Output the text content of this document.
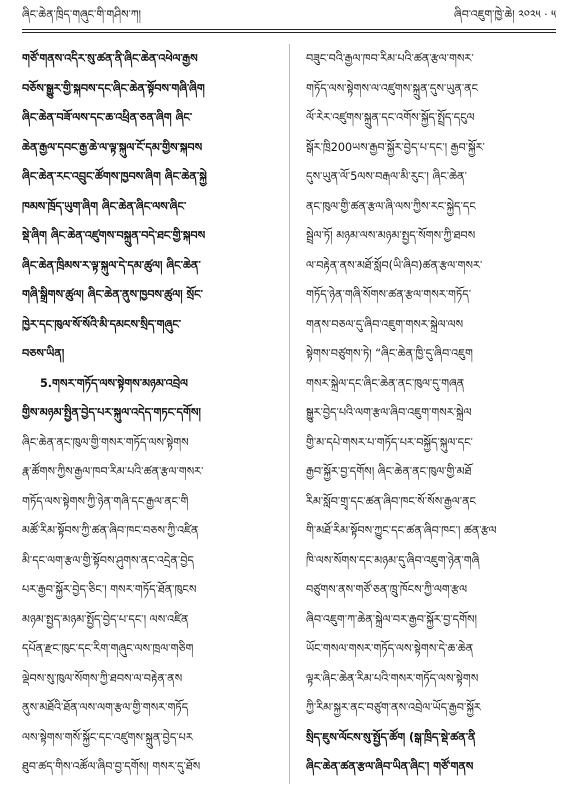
ཞིང་ཆེན་ཁྲིད་གཞུང་གི་གཤིས་ཀ།	ཞིབ་འཇུག་ཁྱེ་ཆེ། ༢༠༢༥ · ༥
གཙོ་གནས་འདིར་སུ་ཚན་ནི་ཞིང་ཆེན་འཕེལ་རྒྱས
བཅོས་སྒྱུར་གྱི་སྐབས་དང་ཞིང་ཆེན་སྟོབས་གཞི་ཞིག
ཞིང་ཆེན་བཟོ་ལས་དང་ཆ་འཕྲིན་ཅན་ཞིག ཞིང་
ཆེན་རྒྱལ་དབང་རྒྱ་ཆེ་ལ་ལྟ་སྐུལ་ངོ་དམ་གྱིས་སྐབས
ཞིང་ཆེན་རང་འབྲུང་ཚོགས་ཁྱབས་ཞིག ཞིང་ཆེན་སྐྱེ
ཁམས་ཁྲོད་ཡུག་ཞིག ཞིང་ཆེན་ཞིང་ལས་ཞིང་
སྡེ་ཞིག ཞིང་ཆེན་འཛུགས་བསྐྲུན་བདེ་ཐང་གྱི་སྐབས
ཞིང་ཆེན་ཁྲིམས་ར་ལྟ་སྐུལ་དེ་དམ་ཚུལ། ཞིང་ཆེན་
གཞི་སྒྲིགས་ཚུལ། ཞིང་ཆེན་ནུས་ཁྱབས་ཚུལ། སྲོང་
ཁྱེར་དང་ཁུལ་སོ་སོའི་མི་དམངས་སྲིད་གཞུང་
བཅས་ཡིན།
5.གསར་གཏོད་ལས་སྟེགས་མཉམ་འབྲེལ
གྱིས་མཉམ་སྤྱིན་བྱེད་པར་སྐུལ་འདེད་གཏང་དགོས།
ཞིང་ཆེན་ནང་ཁུལ་གྱི་གསར་གཏོད་ལས་སྟེགས
རྣ་ཚོགས་ཀྱིས་རྒྱལ་ཁབ་རིམ་པའི་ཚན་རྩལ་གསར་
གཏོད་ལས་སྟེགས་ཀྱི་ཉེན་གཞི་དང་རྒྱལ་ནང་གི
མཚོ་རིམ་སྟོབས་ཀྱི་ཚན་ཞིབ་ཁང་བཅས་ཀྱི་འཛིན
མི་དང་ལག་རྩལ་གྱི་སྟོབས་ཤུགས་ནང་འདྲེན་བྱེད
པར་རྒྱབ་སྐྱོར་བྱེད་ཅིང་། གསར་གཏོད་ཐོན་ཁུངས
མཉམ་སྤྱད་མཉམ་སྤྱོད་བྱེད་པ་དང་། ལས་འཛིན
དཔོན་རྫང་ཁུང་དང་རིག་གཞུང་ལས་ཁྲལ་གཅིག
ལྡེབས་སུ་ཁུལ་སོགས་ཀྱི་ཐབས་ལ་བརྟེན་ནས
ནུས་མཐོའི་ཐོན་ལས་ལག་རྩལ་གྱི་གསར་གཏོད
ལས་སྟེགས་གསོ་སྐྱོང་དང་འཛུགས་སྐྲུན་བྱེད་པར
ཐུབ་ཚད་གིས་འཚོལ་ཞིབ་བྱ་དགོས། གསར་དུ་ཐོས
བཟུང་བའི་རྒྱལ་ཁབ་རིམ་པའི་ཚན་རྩལ་གསར་
གཏོད་ལས་སྟེགས་ལ་འཛུགས་སྐྲུན་དུས་ཡུན་ནང
ལོ་རེར་འཛུགས་སྐྲུན་དང་འགོས་སྐྱོད་སྤྲོད་དངུལ
སྒོར་ཁྲི200ཡས་རྒྱབ་སྐྱོར་བྱེད་པ་དང་། རྒྱབ་སྐྱོར་
དུས་ཡུན་ལོ་5ལས་བརྒལ་མི་རུང་། ཞིང་ཆེན་
ནང་ཁུལ་གྱི་ཚན་རྩལ་ཞི་ལས་ཀྱིས་རང་སྐྱེད་དང
སྦྲེལ་ཏོ། མཉམ་ལས་མཉམ་སྤྱད་སོགས་ཀྱི་ཐབས
ལ་བརྟེན་ནས་མཐོ་སློབ(ཡི་ཞིབ)ཚན་རྩལ་གསར་
གཏོད་ཉེན་གཞི་སོགས་ཚན་རྩལ་གསར་གཏོད་
གནས་བཅལ་དུ་ཞིབ་འཇུག་གསར་སྐྲེལ་ལས
སྟེགས་བཙུགས་ཏེ། “ཞིང་ཆེན་ཁྱི་དུ་ཞིབ་འཇུག
གསར་སྐྲེལ་དང་ཞིང་ཆེན་ནང་ཁུལ་དུ་གཞན
སྒྱུར་བྱེད་པའི་ལག་རྩལ་ཞིབ་འཇུག་གསར་སྐྲེལ
གྱི་མ་དཔེ་གསར་པ་གཏོད་པར་བསྐྱོད་སྐུལ་དང་
རྒྱབ་སྐྱོར་བྱ་དགོས། ཞིང་ཆེན་ནང་ཁུལ་གྱི་མཐོ
རིམ་སློབ་གྲྭ་དང་ཚན་ཞིབ་ཁང་སོ་སོས་རྒྱལ་ནང
གི་མཐོ་རིམ་སྟོབས་ཀྱུང་དང་ཚན་ཞིབ་ཁང་། ཚན་རྩལ
ཁི་ལས་སོགས་དང་མཉམ་དུ་ཞིབ་འཇུག་ཉེན་གཞི
བཙུགས་ནས་གཙོ་ཅན་ཁྲུ་ཁོངས་ཀྱི་ལག་རྩལ
ཞིབ་འཇུག་ཀ་ཆེན་སྐྲེལ་བར་རྒྱབ་སྐྱོར་བྱ་དགོས།
ཡོང་གསལ་གསར་གཏོད་ལས་སྟེགས་དེ་ཆ་ཆེན
ལྟར་ཞིང་ཆེན་རིམ་པའི་གསར་གཏོད་ལས་སྟེགས
ཀྱི་རིམ་སྐྱར་ནང་བཙུག་ནས་འབྲེལ་ཡོད་རྒྱབ་སྐྱོར
སྲིད་ཇུས་ལོངས་སུ་སྤྱོད་ཚོག (སྒ་ཁྲིད་སྡེ་ཚན་ནི
ཞིང་ཆེན་ཚན་རྩལ་ཞིབ་ཡིན་ཞིང་། གཙོ་གནས
